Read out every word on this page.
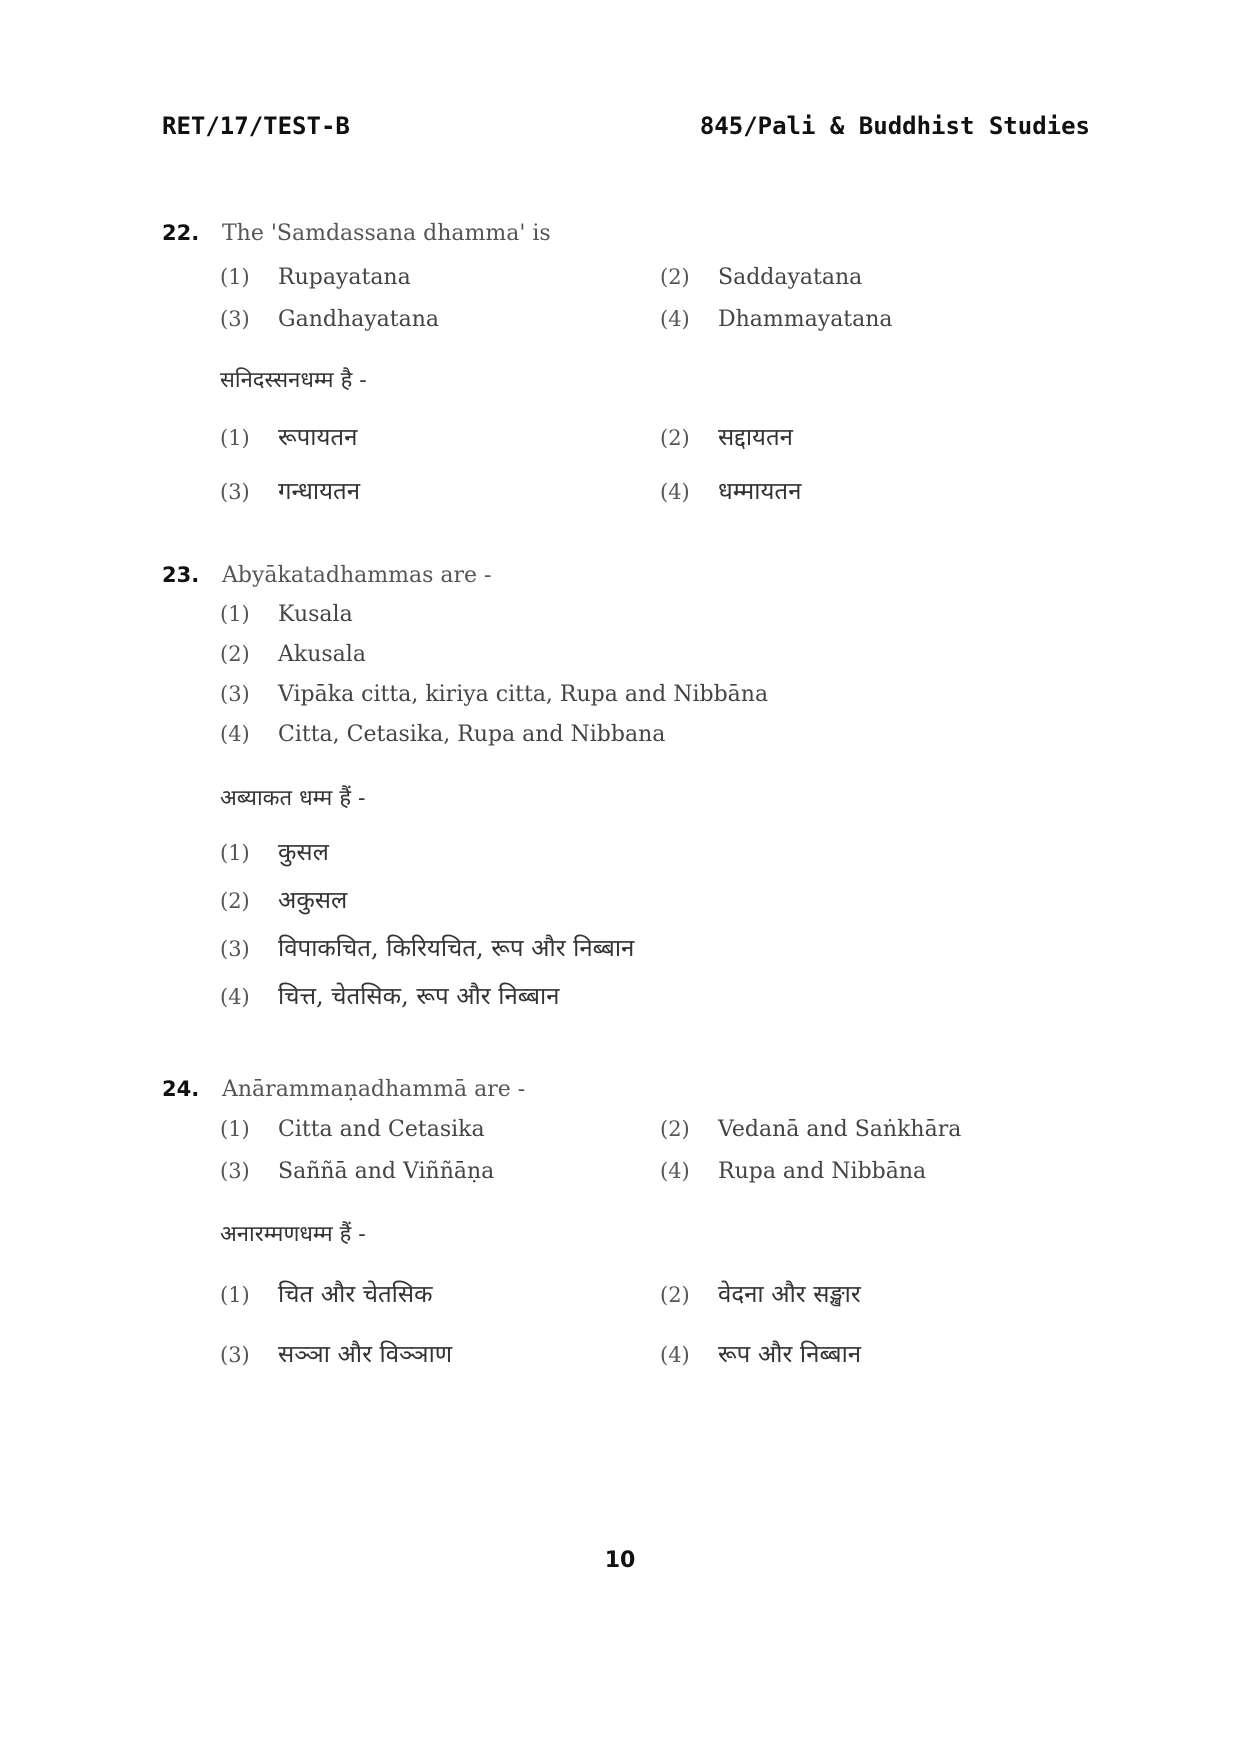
RET/17/TEST-B	845/Pali & Buddhist Studies
22. The 'Samdassana dhamma' is
(1) Rupayatana	(2) Saddayatana
(3) Gandhayatana	(4) Dhammayatana
सनिदस्सनधम्म है -
(1) रूपायतन	(2) सद्दायतन
(3) गन्धायतन	(4) धम्मायतन
23. Abyākatadhammas are -
(1) Kusala
(2) Akusala
(3) Vipāka citta, kiriya citta, Rupa and Nibbāna
(4) Citta, Cetasika, Rupa and Nibbana
अब्याकत धम्म हैं -
(1) कुसल
(2) अकुसल
(3) विपाकचित, किरियचित, रूप और निब्बान
(4) चित्त, चेतसिक, रूप और निब्बान
24. Anārammaṇadhammā are -
(1) Citta and Cetasika	(2) Vedanā and Saṅkhāra
(3) Saññā and Viññāṇa	(4) Rupa and Nibbāna
अनारम्मणधम्म हैं -
(1) चित और चेतसिक	(2) वेदना और सङ्खार
(3) सञ्ञा और विञ्ञाण	(4) रूप और निब्बान
10
